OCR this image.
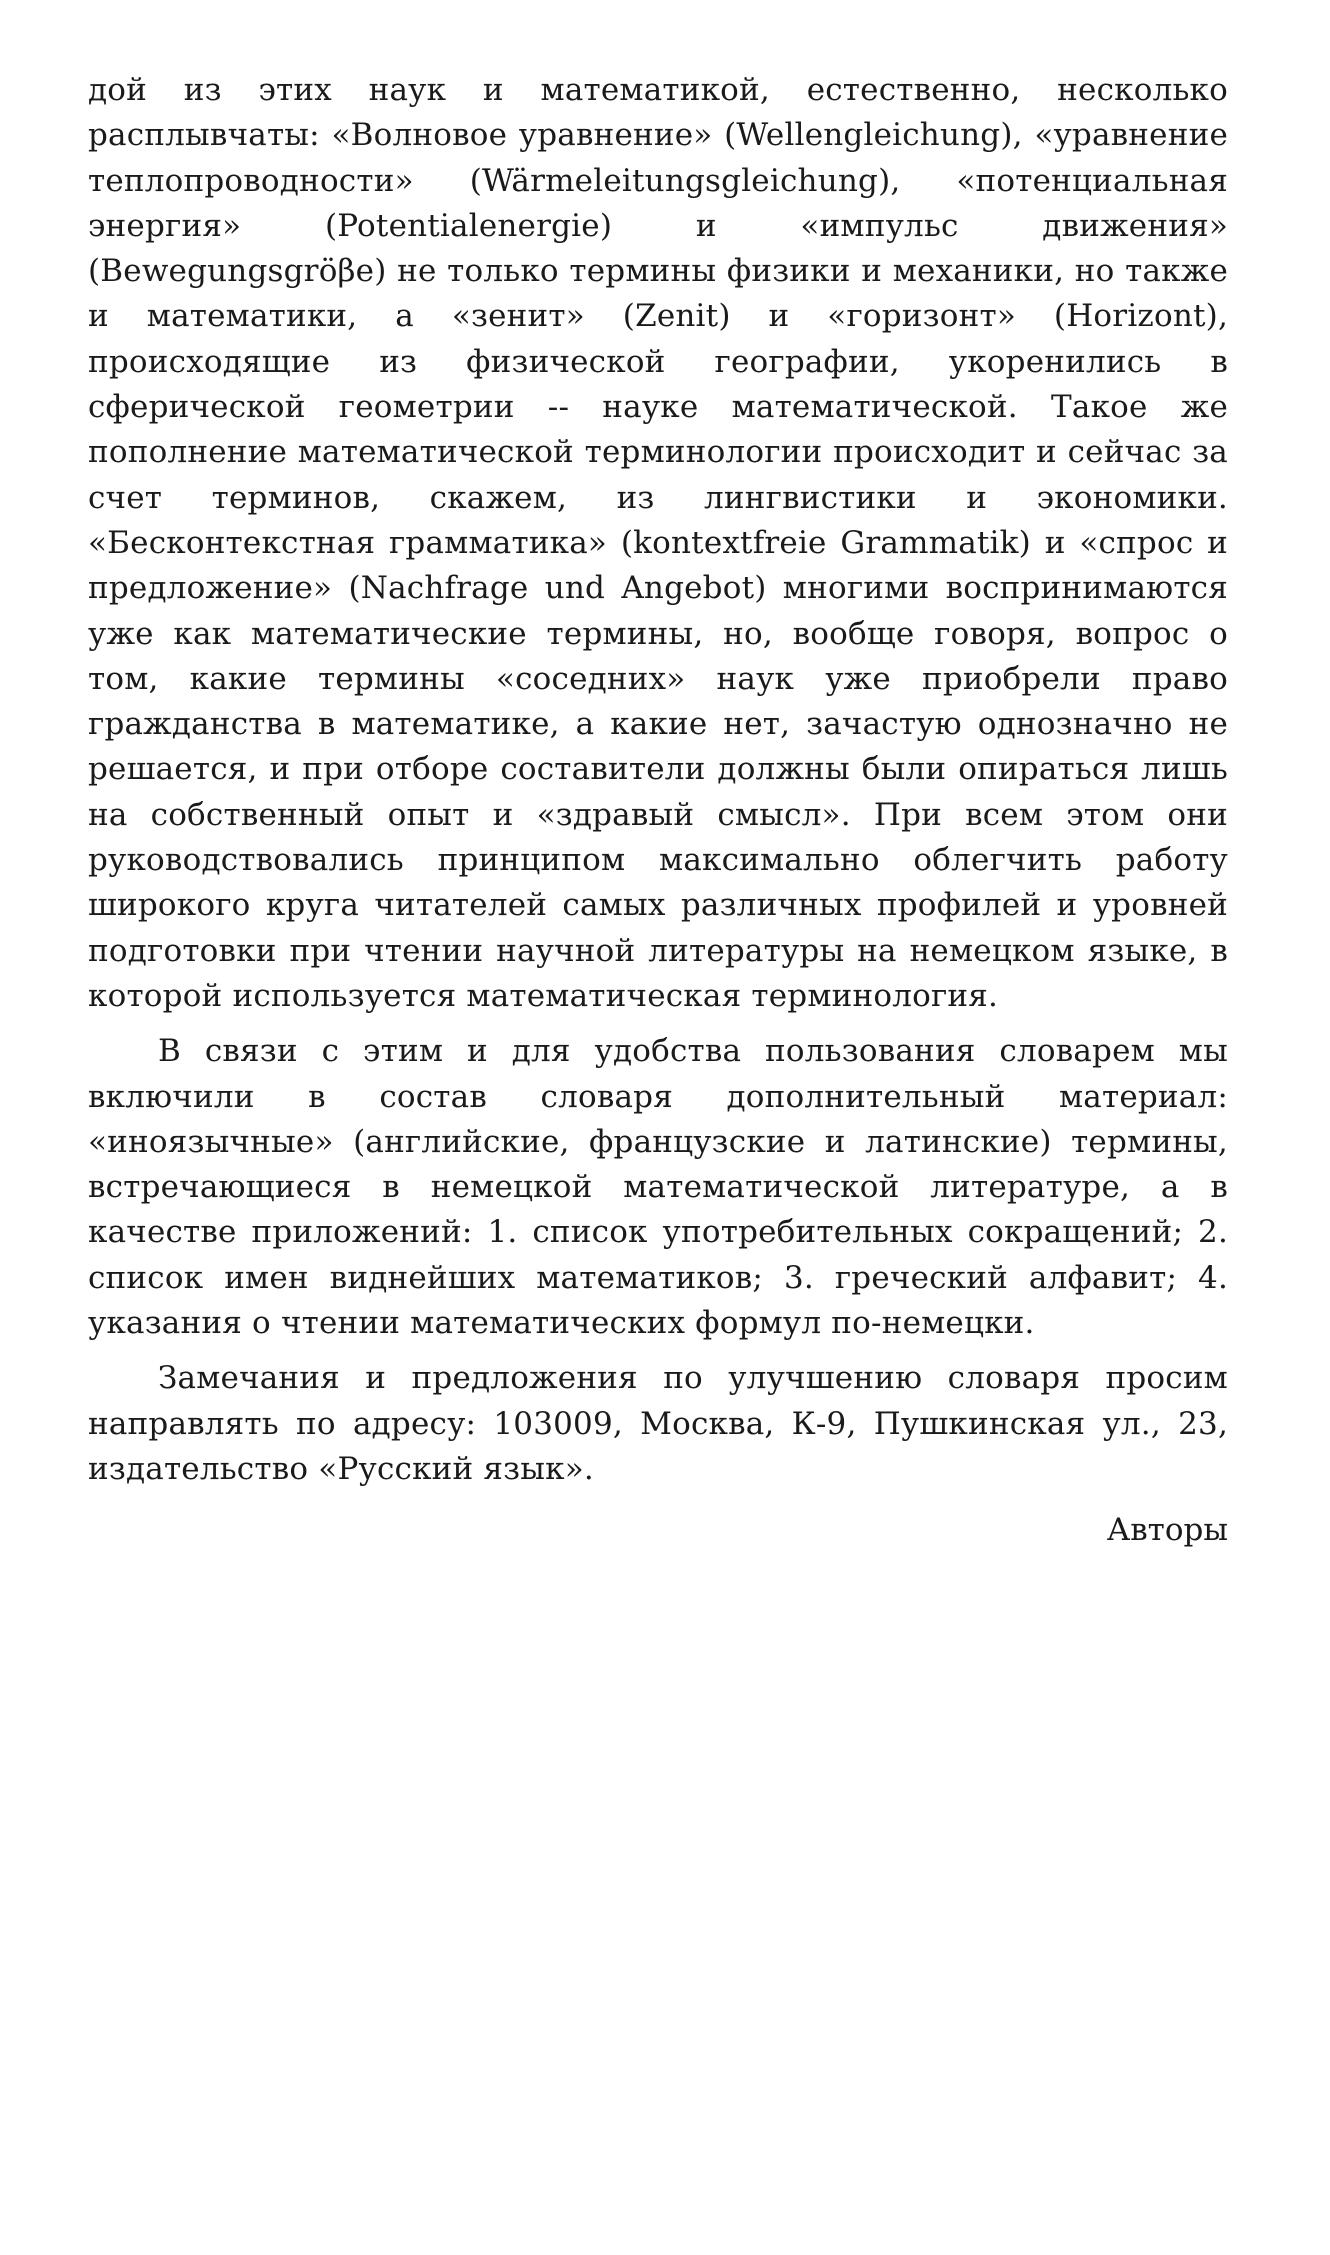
дой из этих наук и математикой, естественно, несколько расплывчаты: «Волновое уравнение» (Wellengleichung), «уравнение теплопроводности» (Wärmeleitungsgleichung), «потенциальная энергия» (Potentialenergie) и «импульс движения» (Bewegungsgröβe) не только термины физики и механики, но также и математики, а «зенит» (Zenit) и «горизонт» (Horizont), происходящие из физической географии, укоренились в сферической геометрии -- науке математической. Такое же пополнение математической терминологии происходит и сейчас за счет терминов, скажем, из лингвистики и экономики. «Бесконтекстная грамматика» (kontextfreie Grammatik) и «спрос и предложение» (Nachfrage und Angebot) многими воспринимаются уже как математические термины, но, вообще говоря, вопрос о том, какие термины «соседних» наук уже приобрели право гражданства в математике, а какие нет, зачастую однозначно не решается, и при отборе составители должны были опираться лишь на собственный опыт и «здравый смысл». При всем этом они руководствовались принципом максимально облегчить работу широкого круга читателей самых различных профилей и уровней подготовки при чтении научной литературы на немецком языке, в которой используется математическая терминология.

В связи с этим и для удобства пользования словарем мы включили в состав словаря дополнительный материал: «иноязычные» (английские, французские и латинские) термины, встречающиеся в немецкой математической литературе, а в качестве приложений: 1. список употребительных сокращений; 2. список имен виднейших математиков; 3. греческий алфавит; 4. указания о чтении математических формул по-немецки.

Замечания и предложения по улучшению словаря просим направлять по адресу: 103009, Москва, К-9, Пушкинская ул., 23, издательство «Русский язык».

Авторы
